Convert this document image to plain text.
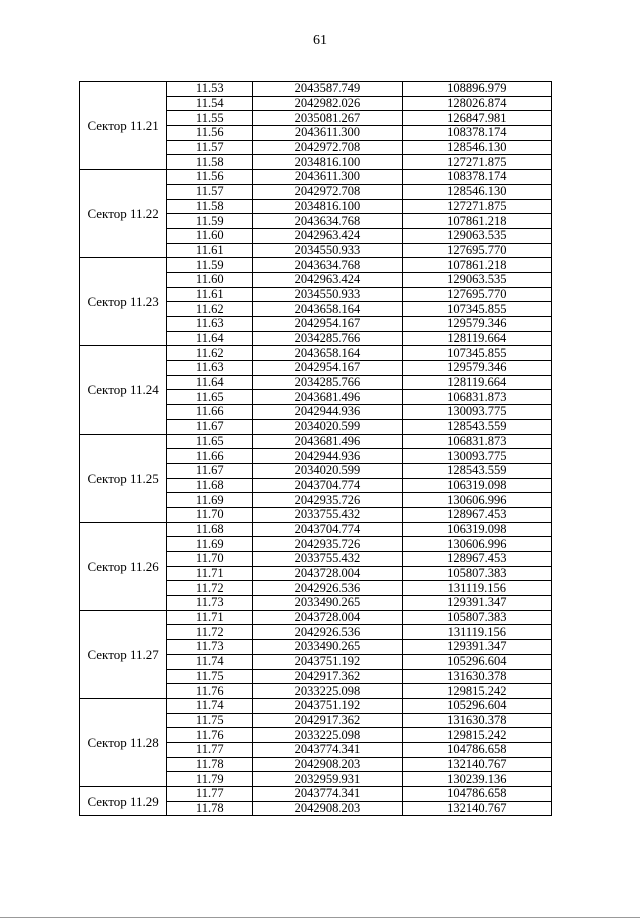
61
Сектор 11.21	11.53	2043587.749	108896.979
	11.54	2042982.026	128026.874
	11.55	2035081.267	126847.981
	11.56	2043611.300	108378.174
	11.57	2042972.708	128546.130
	11.58	2034816.100	127271.875
Сектор 11.22	11.56	2043611.300	108378.174
	11.57	2042972.708	128546.130
	11.58	2034816.100	127271.875
	11.59	2043634.768	107861.218
	11.60	2042963.424	129063.535
	11.61	2034550.933	127695.770
Сектор 11.23	11.59	2043634.768	107861.218
	11.60	2042963.424	129063.535
	11.61	2034550.933	127695.770
	11.62	2043658.164	107345.855
	11.63	2042954.167	129579.346
	11.64	2034285.766	128119.664
Сектор 11.24	11.62	2043658.164	107345.855
	11.63	2042954.167	129579.346
	11.64	2034285.766	128119.664
	11.65	2043681.496	106831.873
	11.66	2042944.936	130093.775
	11.67	2034020.599	128543.559
Сектор 11.25	11.65	2043681.496	106831.873
	11.66	2042944.936	130093.775
	11.67	2034020.599	128543.559
	11.68	2043704.774	106319.098
	11.69	2042935.726	130606.996
	11.70	2033755.432	128967.453
Сектор 11.26	11.68	2043704.774	106319.098
	11.69	2042935.726	130606.996
	11.70	2033755.432	128967.453
	11.71	2043728.004	105807.383
	11.72	2042926.536	131119.156
	11.73	2033490.265	129391.347
Сектор 11.27	11.71	2043728.004	105807.383
	11.72	2042926.536	131119.156
	11.73	2033490.265	129391.347
	11.74	2043751.192	105296.604
	11.75	2042917.362	131630.378
	11.76	2033225.098	129815.242
Сектор 11.28	11.74	2043751.192	105296.604
	11.75	2042917.362	131630.378
	11.76	2033225.098	129815.242
	11.77	2043774.341	104786.658
	11.78	2042908.203	132140.767
	11.79	2032959.931	130239.136
Сектор 11.29	11.77	2043774.341	104786.658
	11.78	2042908.203	132140.767
